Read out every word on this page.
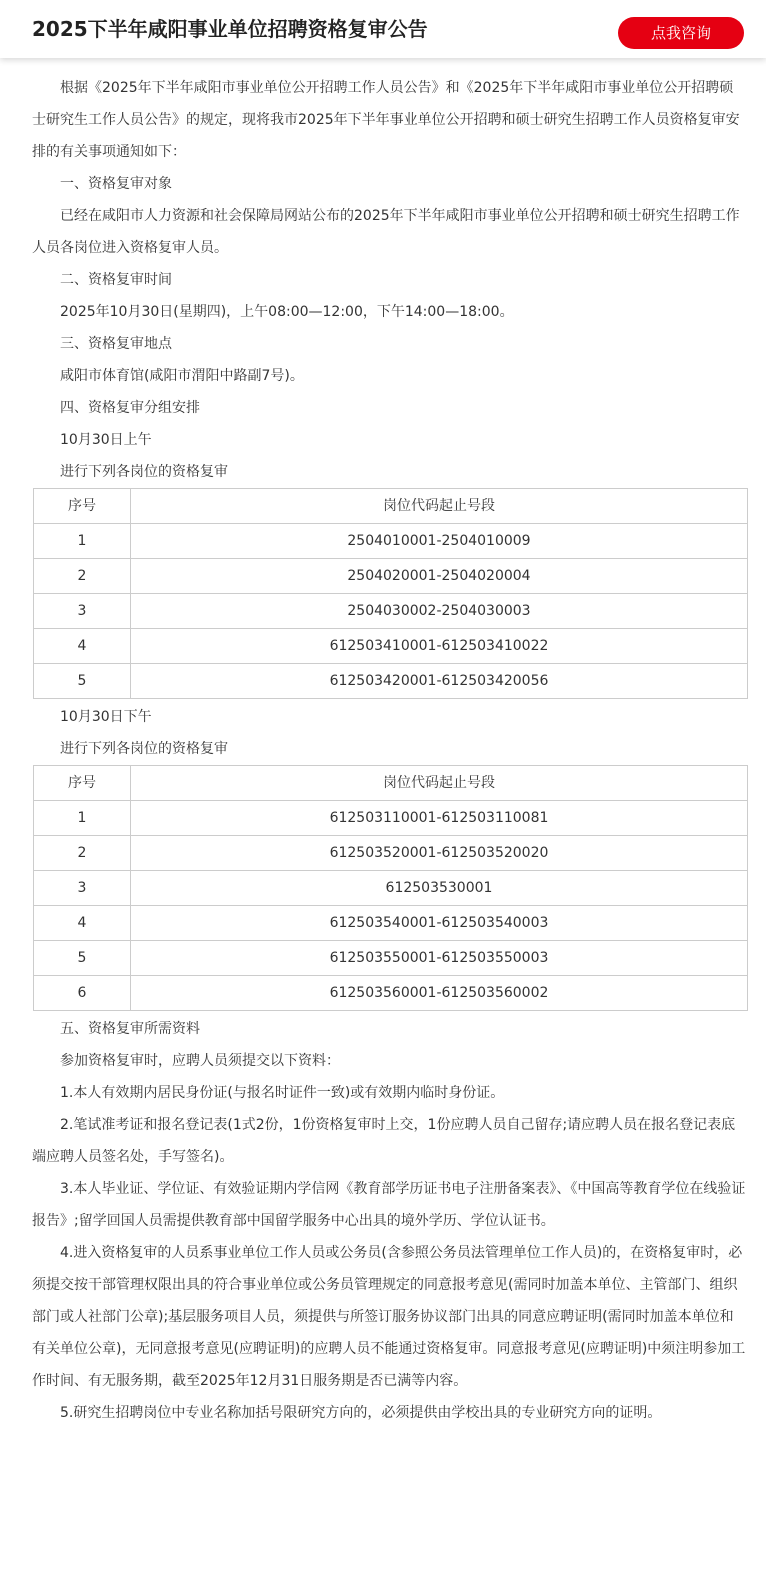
2025下半年咸阳事业单位招聘资格复审公告	点我咨询

根据《2025年下半年咸阳市事业单位公开招聘工作人员公告》和《2025年下半年咸阳市事业单位公开招聘硕士研究生工作人员公告》的规定，现将我市2025年下半年事业单位公开招聘和硕士研究生招聘工作人员资格复审安排的有关事项通知如下：

一、资格复审对象

已经在咸阳市人力资源和社会保障局网站公布的2025年下半年咸阳市事业单位公开招聘和硕士研究生招聘工作人员各岗位进入资格复审人员。

二、资格复审时间

2025年10月30日(星期四)，上午08:00—12:00，下午14:00—18:00。

三、资格复审地点

咸阳市体育馆(咸阳市渭阳中路副7号)。

四、资格复审分组安排

10月30日上午

进行下列各岗位的资格复审

序号	岗位代码起止号段
1	2504010001-2504010009
2	2504020001-2504020004
3	2504030002-2504030003
4	612503410001-612503410022
5	612503420001-612503420056

10月30日下午

进行下列各岗位的资格复审

序号	岗位代码起止号段
1	612503110001-612503110081
2	612503520001-612503520020
3	612503530001
4	612503540001-612503540003
5	612503550001-612503550003
6	612503560001-612503560002

五、资格复审所需资料

参加资格复审时，应聘人员须提交以下资料：

1.本人有效期内居民身份证(与报名时证件一致)或有效期内临时身份证。

2.笔试准考证和报名登记表(1式2份，1份资格复审时上交，1份应聘人员自己留存;请应聘人员在报名登记表底端应聘人员签名处，手写签名)。

3.本人毕业证、学位证、有效验证期内学信网《教育部学历证书电子注册备案表》、《中国高等教育学位在线验证报告》;留学回国人员需提供教育部中国留学服务中心出具的境外学历、学位认证书。

4.进入资格复审的人员系事业单位工作人员或公务员(含参照公务员法管理单位工作人员)的，在资格复审时，必须提交按干部管理权限出具的符合事业单位或公务员管理规定的同意报考意见(需同时加盖本单位、主管部门、组织部门或人社部门公章);基层服务项目人员，须提供与所签订服务协议部门出具的同意应聘证明(需同时加盖本单位和有关单位公章)，无同意报考意见(应聘证明)的应聘人员不能通过资格复审。同意报考意见(应聘证明)中须注明参加工作时间、有无服务期，截至2025年12月31日服务期是否已满等内容。

5.研究生招聘岗位中专业名称加括号限研究方向的，必须提供由学校出具的专业研究方向的证明。
